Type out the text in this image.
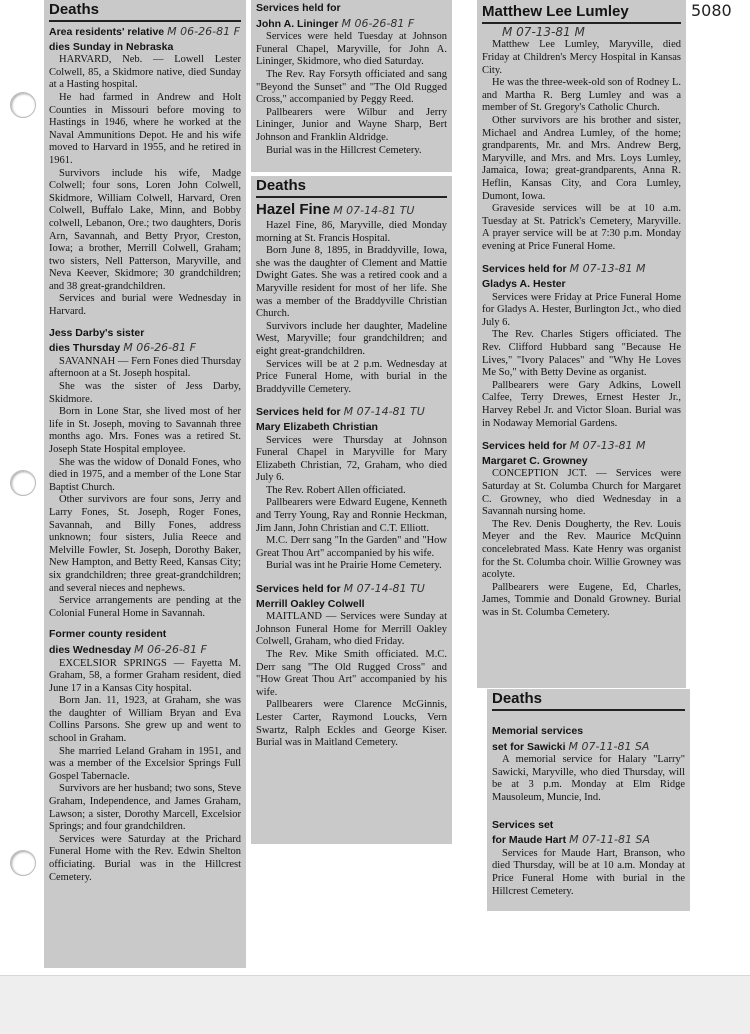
5080
Deaths
Area residents' relative M 06-26-81 F
dies Sunday in Nebraska

HARVARD, Neb. — Lowell Lester Colwell, 85, a Skidmore native, died Sunday at a Hasting hospital.

He had farmed in Andrew and Holt Counties in Missouri before moving to Hastings in 1946, where he worked at the Naval Ammunitions Depot. He and his wife moved to Harvard in 1955, and he retired in 1961.

Survivors include his wife, Madge Colwell; four sons, Loren John Colwell, Skidmore, William Colwell, Harvard, Oren Colwell, Buffalo Lake, Minn, and Bobby colwell, Lebanon, Ore.; two daughters, Doris Arn, Savannah, and Betty Pryor, Creston, Iowa; a brother, Merrill Colwell, Graham; two sisters, Nell Patterson, Maryville, and Neva Keever, Skidmore; 30 grandchildren; and 38 great-grandchildren.

Services and burial were Wednesday in Harvard.

Jess Darby's sister
dies Thursday M 06-26-81 F

SAVANNAH — Fern Fones died Thursday afternoon at a St. Joseph hospital.

She was the sister of Jess Darby, Skidmore.

Born in Lone Star, she lived most of her life in St. Joseph, moving to Savannah three months ago. Mrs. Fones was a retired St. Joseph State Hospital employee.

She was the widow of Donald Fones, who died in 1975, and a member of the Lone Star Baptist Church.

Other survivors are four sons, Jerry and Larry Fones, St. Joseph, Roger Fones, Savannah, and Billy Fones, address unknown; four sisters, Julia Reece and Melville Fowler, St. Joseph, Dorothy Baker, New Hampton, and Betty Reed, Kansas City; six grandchildren; three great-grandchildren; and several nieces and nephews.

Service arrangements are pending at the Colonial Funeral Home in Savannah.

Former county resident
dies Wednesday M 06-26-81 F

EXCELSIOR SPRINGS — Fayetta M. Graham, 58, a former Graham resident, died June 17 in a Kansas City hospital.

Born Jan. 11, 1923, at Graham, she was the daughter of William Bryan and Eva Collins Parsons. She grew up and went to school in Graham.

She married Leland Graham in 1951, and was a member of the Excelsior Springs Full Gospel Tabernacle.

Survivors are her husband; two sons, Steve Graham, Independence, and James Graham, Lawson; a sister, Dorothy Marcell, Excelsior Springs; and four grandchildren.

Services were Saturday at the Prichard Funeral Home with the Rev. Edwin Shelton officiating. Burial was in the Hillcrest Cemetery.

Services held for
John A. Lininger M 06-26-81 F

Services were held Tuesday at Johnson Funeral Chapel, Maryville, for John A. Lininger, Skidmore, who died Saturday.

The Rev. Ray Forsyth officiated and sang "Beyond the Sunset" and "The Old Rugged Cross," accompanied by Peggy Reed.

Pallbearers were Wilbur and Jerry Lininger, Junior and Wayne Sharp, Bert Johnson and Franklin Aldridge.

Burial was in the Hillcrest Cemetery.

Deaths
Hazel Fine M 07-14-81 TU

Hazel Fine, 86, Maryville, died Monday morning at St. Francis Hospital.

Born June 8, 1895, in Braddyville, Iowa, she was the daughter of Clement and Mattie Dwight Gates. She was a retired cook and a Maryville resident for most of her life. She was a member of the Braddyville Christian Church.

Survivors include her daughter, Madeline West, Maryville; four grandchildren; and eight great-grandchildren.

Services will be at 2 p.m. Wednesday at Price Funeral Home, with burial in the Braddyville Cemetery.

Services held for M 07-14-81 TU
Mary Elizabeth Christian

Services were Thursday at Johnson Funeral Chapel in Maryville for Mary Elizabeth Christian, 72, Graham, who died July 6.

The Rev. Robert Allen officiated.

Pallbearers were Edward Eugene, Kenneth and Terry Young, Ray and Ronnie Heckman, Jim Jann, John Christian and C.T. Elliott.

M.C. Derr sang "In the Garden" and "How Great Thou Art" accompanied by his wife.

Burial was int he Prairie Home Cemetery.

Services held for M 07-14-81 TU
Merrill Oakley Colwell

MAITLAND — Services were Sunday at Johnson Funeral Home for Merrill Oakley Colwell, Graham, who died Friday.

The Rev. Mike Smith officiated. M.C. Derr sang "The Old Rugged Cross" and "How Great Thou Art" accompanied by his wife.

Pallbearers were Clarence McGinnis, Lester Carter, Raymond Loucks, Vern Swartz, Ralph Eckles and George Kiser. Burial was in Maitland Cemetery.

Matthew Lee Lumley
M 07-13-81 M

Matthew Lee Lumley, Maryville, died Friday at Children's Mercy Hospital in Kansas City.

He was the three-week-old son of Rodney L. and Martha R. Berg Lumley and was a member of St. Gregory's Catholic Church.

Other survivors are his brother and sister, Michael and Andrea Lumley, of the home; grandparents, Mr. and Mrs. Andrew Berg, Maryville, and Mrs. and Mrs. Loys Lumley, Jamaica, Iowa; great-grandparents, Anna R. Heflin, Kansas City, and Cora Lumley, Dumont, Iowa.

Graveside services will be at 10 a.m. Tuesday at St. Patrick's Cemetery, Maryville. A prayer service will be at 7:30 p.m. Monday evening at Price Funeral Home.

Services held for M 07-13-81 M
Gladys A. Hester

Services were Friday at Price Funeral Home for Gladys A. Hester, Burlington Jct., who died July 6.

The Rev. Charles Stigers officiated. The Rev. Clifford Hubbard sang "Because He Lives," "Ivory Palaces" and "Why He Loves Me So," with Betty Devine as organist.

Pallbearers were Gary Adkins, Lowell Calfee, Terry Drewes, Ernest Hester Jr., Harvey Rebel Jr. and Victor Sloan. Burial was in Nodaway Memorial Gardens.

Services held for M 07-13-81 M
Margaret C. Growney

CONCEPTION JCT. — Services were Saturday at St. Columba Church for Margaret C. Growney, who died Wednesday in a Savannah nursing home.

The Rev. Denis Dougherty, the Rev. Louis Meyer and the Rev. Maurice McQuinn concelebrated Mass. Kate Henry was organist for the St. Columba choir. Willie Growney was acolyte.

Pallbearers were Eugene, Ed, Charles, James, Tommie and Donald Growney. Burial was in St. Columba Cemetery.

Deaths
Memorial services
set for Sawicki M 07-11-81 SA

A memorial service for Halary "Larry" Sawicki, Maryville, who died Thursday, will be at 3 p.m. Monday at Elm Ridge Mausoleum, Muncie, Ind.

Services set
for Maude Hart M 07-11-81 SA

Services for Maude Hart, Branson, who died Thursday, will be at 10 a.m. Monday at Price Funeral Home with burial in the Hillcrest Cemetery.
